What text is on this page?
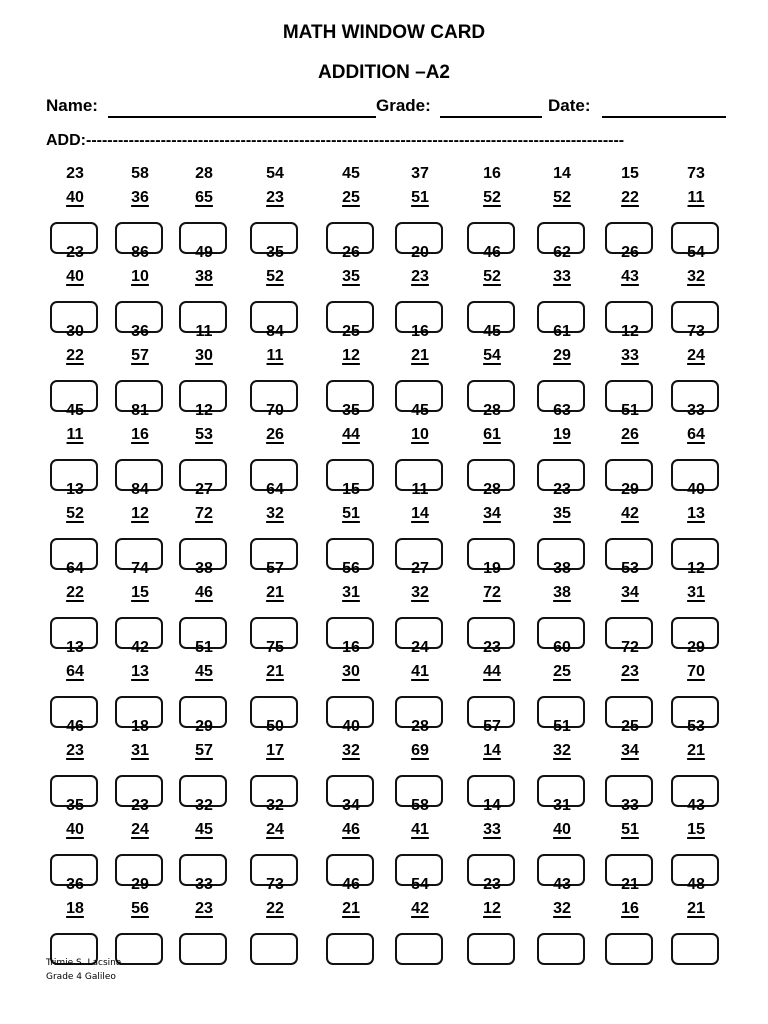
MATH WINDOW CARD
ADDITION –A2
Name:	Grade:	Date:
ADD:-----------------------------------------------------------------------------------------------------
23
40
58
36
28
65
54
23
45
25
37
51
16
52
14
52
15
22
73
11
23
40
86
10
49
38
35
52
26
35
20
23
46
52
62
33
26
43
54
32
30
22
36
57
11
30
84
11
25
12
16
21
45
54
61
29
12
33
73
24
45
11
81
16
12
53
70
26
35
44
45
10
28
61
63
19
51
26
33
64
13
52
84
12
27
72
64
32
15
51
11
14
28
34
23
35
29
42
40
13
64
22
74
15
38
46
57
21
56
31
27
32
19
72
38
38
53
34
12
31
13
64
42
13
51
45
75
21
16
30
24
41
23
44
60
25
72
23
29
70
46
23
18
31
29
57
50
17
40
32
28
69
57
14
51
32
25
34
53
21
35
40
23
24
32
45
32
24
34
46
58
41
14
33
31
40
33
51
43
15
36
18
29
56
33
23
73
22
46
21
54
42
23
12
43
32
21
16
48
21
Trimie S. Lacsina
Grade 4 Galileo
